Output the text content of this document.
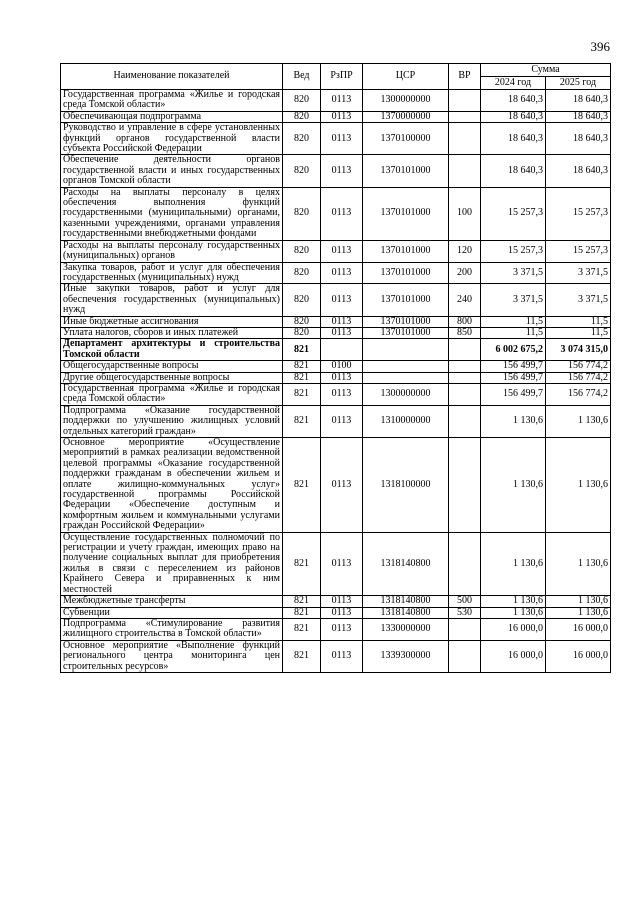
396
Наименование показателей	Вед	РзПР	ЦСР	ВР	Сумма	
					2024 год	2025 год
Государственная программа «Жилье и городская среда Томской области»	820	0113	1300000000		18 640,3	18 640,3
Обеспечивающая подпрограмма	820	0113	1370000000		18 640,3	18 640,3
Руководство и управление в сфере установленных функций органов государственной власти субъекта Российской Федерации	820	0113	1370100000		18 640,3	18 640,3
Обеспечение деятельности органов государственной власти и иных государственных органов Томской области	820	0113	1370101000		18 640,3	18 640,3
Расходы на выплаты персоналу в целях обеспечения выполнения функций государственными (муниципальными) органами, казенными учреждениями, органами управления государственными внебюджетными фондами	820	0113	1370101000	100	15 257,3	15 257,3
Расходы на выплаты персоналу государственных (муниципальных) органов	820	0113	1370101000	120	15 257,3	15 257,3
Закупка товаров, работ и услуг для обеспечения государственных (муниципальных) нужд	820	0113	1370101000	200	3 371,5	3 371,5
Иные закупки товаров, работ и услуг для обеспечения государственных (муниципальных) нужд	820	0113	1370101000	240	3 371,5	3 371,5
Иные бюджетные ассигнования	820	0113	1370101000	800	11,5	11,5
Уплата налогов, сборов и иных платежей	820	0113	1370101000	850	11,5	11,5
Департамент архитектуры и строительства Томской области	821				6 002 675,2	3 074 315,0
Общегосударственные вопросы	821	0100			156 499,7	156 774,2
Другие общегосударственные вопросы	821	0113			156 499,7	156 774,2
Государственная программа «Жилье и городская среда Томской области»	821	0113	1300000000		156 499,7	156 774,2
Подпрограмма «Оказание государственной поддержки по улучшению жилищных условий отдельных категорий граждан»	821	0113	1310000000		1 130,6	1 130,6
Основное мероприятие «Осуществление мероприятий в рамках реализации ведомственной целевой программы «Оказание государственной поддержки гражданам в обеспечении жильем и оплате жилищно-коммунальных услуг» государственной программы Российской Федерации «Обеспечение доступным и комфортным жильем и коммунальными услугами граждан Российской Федерации»	821	0113	1318100000		1 130,6	1 130,6
Осуществление государственных полномочий по регистрации и учету граждан, имеющих право на получение социальных выплат для приобретения жилья в связи с переселением из районов Крайнего Севера и приравненных к ним местностей	821	0113	1318140800		1 130,6	1 130,6
Межбюджетные трансферты	821	0113	1318140800	500	1 130,6	1 130,6
Субвенции	821	0113	1318140800	530	1 130,6	1 130,6
Подпрограмма «Стимулирование развития жилищного строительства в Томской области»	821	0113	1330000000		16 000,0	16 000,0
Основное мероприятие «Выполнение функций регионального центра мониторинга цен строительных ресурсов»	821	0113	1339300000		16 000,0	16 000,0
